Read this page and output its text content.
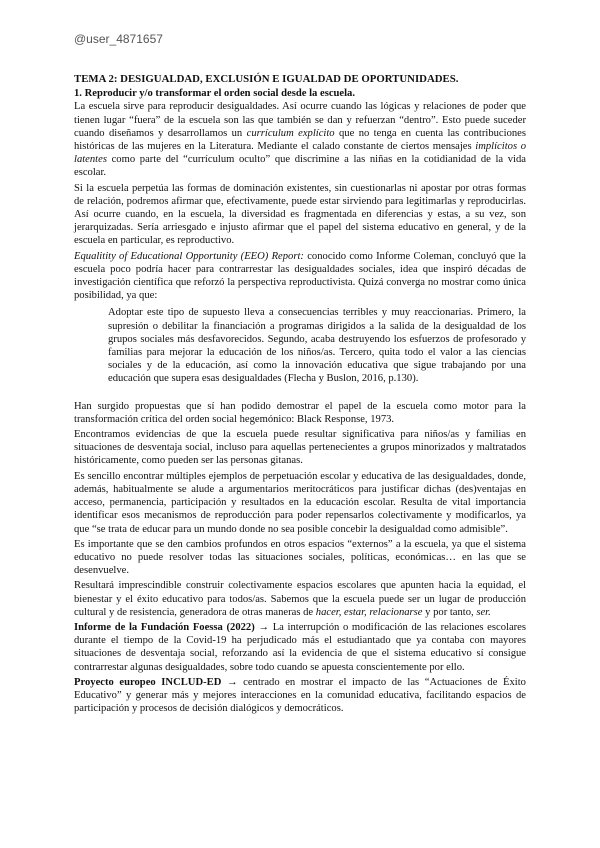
@user_4871657
TEMA 2: DESIGUALDAD, EXCLUSIÓN E IGUALDAD DE OPORTUNIDADES.
1. Reproducir y/o transformar el orden social desde la escuela.

La escuela sirve para reproducir desigualdades. Así ocurre cuando las lógicas y relaciones de poder que tienen lugar “fuera” de la escuela son las que también se dan y refuerzan “dentro”. Esto puede suceder cuando diseñamos y desarrollamos un currículum explícito que no tenga en cuenta las contribuciones históricas de las mujeres en la Literatura. Mediante el calado constante de ciertos mensajes implícitos o latentes como parte del “currículum oculto” que discrimine a las niñas en la cotidianidad de la vida escolar.

Si la escuela perpetúa las formas de dominación existentes, sin cuestionarlas ni apostar por otras formas de relación, podremos afirmar que, efectivamente, puede estar sirviendo para legitimarlas y reproducirlas. Así ocurre cuando, en la escuela, la diversidad es fragmentada en diferencias y estas, a su vez, son jerarquizadas. Sería arriesgado e injusto afirmar que el papel del sistema educativo en general, y de la escuela en particular, es reproductivo.

Equalitity of Educational Opportunity (EEO) Report: conocido como Informe Coleman, concluyó que la escuela poco podría hacer para contrarrestar las desigualdades sociales, idea que inspiró décadas de investigación científica que reforzó la perspectiva reproductivista. Quizá converga no mostrar como única posibilidad, ya que:

Adoptar este tipo de supuesto lleva a consecuencias terribles y muy reaccionarias. Primero, la supresión o debilitar la financiación a programas dirigidos a la salida de la desigualdad de los grupos sociales más desfavorecidos. Segundo, acaba destruyendo los esfuerzos de profesorado y familias para mejorar la educación de los niños/as. Tercero, quita todo el valor a las ciencias sociales y de la educación, así como la innovación educativa que sigue trabajando por una educación que supera esas desigualdades (Flecha y Buslon, 2016, p.130).

Han surgido propuestas que sí han podido demostrar el papel de la escuela como motor para la transformación crítica del orden social hegemónico: Black Response, 1973.

Encontramos evidencias de que la escuela puede resultar significativa para niños/as y familias en situaciones de desventaja social, incluso para aquellas pertenecientes a grupos minorizados y maltratados históricamente, como pueden ser las personas gitanas.

Es sencillo encontrar múltiples ejemplos de perpetuación escolar y educativa de las desigualdades, donde, además, habitualmente se alude a argumentarios meritocráticos para justificar dichas (des)ventajas en acceso, permanencia, participación y resultados en la educación escolar. Resulta de vital importancia identificar esos mecanismos de reproducción para poder repensarlos colectivamente y modificarlos, ya que “se trata de educar para un mundo donde no sea posible concebir la desigualdad como admisible”.

Es importante que se den cambios profundos en otros espacios “externos” a la escuela, ya que el sistema educativo no puede resolver todas las situaciones sociales, políticas, económicas… en las que se desenvuelve.

Resultará imprescindible construir colectivamente espacios escolares que apunten hacia la equidad, el bienestar y el éxito educativo para todos/as. Sabemos que la escuela puede ser un lugar de producción cultural y de resistencia, generadora de otras maneras de hacer, estar, relacionarse y por tanto, ser.

Informe de la Fundación Foessa (2022) → La interrupción o modificación de las relaciones escolares durante el tiempo de la Covid-19 ha perjudicado más el estudiantado que ya contaba con mayores situaciones de desventaja social, reforzando así la evidencia de que el sistema educativo sí consigue contrarrestar algunas desigualdades, sobre todo cuando se apuesta conscientemente por ello.

Proyecto europeo INCLUD-ED → centrado en mostrar el impacto de las “Actuaciones de Éxito Educativo” y generar más y mejores interacciones en la comunidad educativa, facilitando espacios de participación y procesos de decisión dialógicos y democráticos.
